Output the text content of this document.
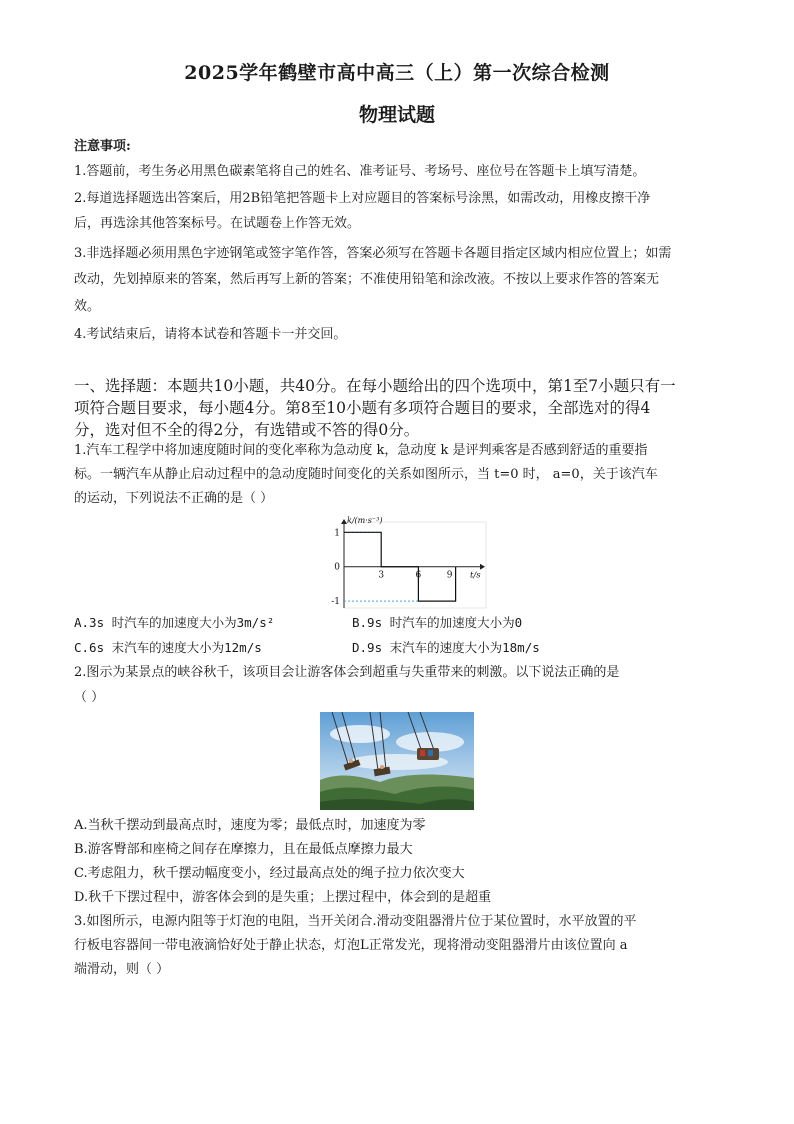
2025学年鹤壁市高中高三（上）第一次综合检测
物理试题
注意事项:
1.答题前，考生务必用黑色碳素笔将自己的姓名、准考证号、考场号、座位号在答题卡上填写清楚。
2.每道选择题选出答案后，用2B铅笔把答题卡上对应题目的答案标号涂黑，如需改动，用橡皮擦干净
后，再选涂其他答案标号。在试题卷上作答无效。
3.非选择题必须用黑色字迹钢笔或签字笔作答，答案必须写在答题卡各题目指定区域内相应位置上；如需
改动，先划掉原来的答案，然后再写上新的答案；不准使用铅笔和涂改液。不按以上要求作答的答案无
效。
4.考试结束后，请将本试卷和答题卡一并交回。
一、选择题：本题共10小题，共40分。在每小题给出的四个选项中，第1至7小题只有一
项符合题目要求，每小题4分。第8至10小题有多项符合题目的要求，全部选对的得4
分，选对但不全的得2分，有选错或不答的得0分。
1.汽车工程学中将加速度随时间的变化率称为急动度 k，急动度 k 是评判乘客是否感到舒适的重要指
标。一辆汽车从静止启动过程中的急动度随时间变化的关系如图所示，当 t=0 时， a=0，关于该汽车
的运动，下列说法不正确的是（ ）
3	6	9
1
0
-1
k/(m·s⁻³)
t/s
A.3s 时汽车的加速度大小为3m/s²	B.9s 时汽车的加速度大小为0
C.6s 末汽车的速度大小为12m/s	D.9s 末汽车的速度大小为18m/s
2.图示为某景点的峡谷秋千，该项目会让游客体会到超重与失重带来的刺激。以下说法正确的是
（ ）
A.当秋千摆动到最高点时，速度为零；最低点时，加速度为零
B.游客臀部和座椅之间存在摩擦力，且在最低点摩擦力最大
C.考虑阻力，秋千摆动幅度变小，经过最高点处的绳子拉力依次变大
D.秋千下摆过程中，游客体会到的是失重；上摆过程中，体会到的是超重
3.如图所示，电源内阻等于灯泡的电阻，当开关闭合.滑动变阻器滑片位于某位置时，水平放置的平
行板电容器间一带电液滴恰好处于静止状态，灯泡L正常发光，现将滑动变阻器滑片由该位置向 a
端滑动，则（ ）
